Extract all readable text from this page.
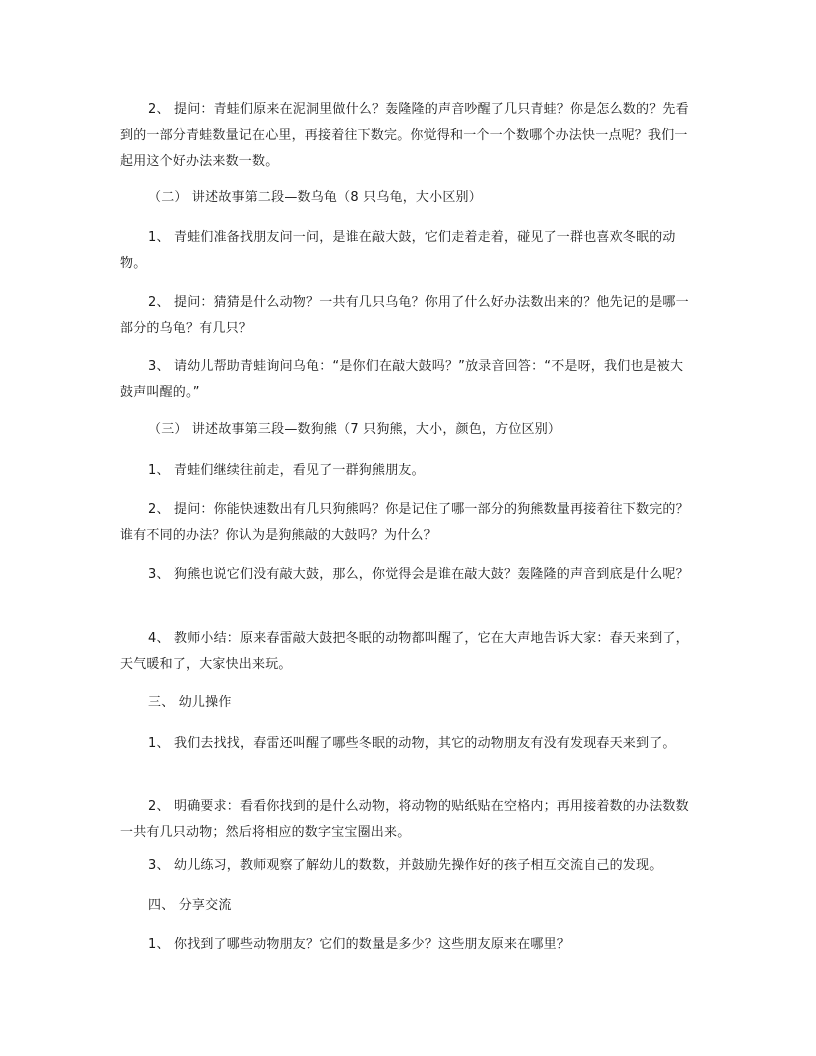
2、 提问：青蛙们原来在泥洞里做什么？轰隆隆的声音吵醒了几只青蛙？你是怎么数的？先看到的一部分青蛙数量记在心里，再接着往下数完。你觉得和一个一个数哪个办法快一点呢？我们一起用这个好办法来数一数。

（二） 讲述故事第二段—数乌龟（8 只乌龟，大小区别）

1、 青蛙们准备找朋友问一问，是谁在敲大鼓，它们走着走着，碰见了一群也喜欢冬眠的动物。

2、 提问：猜猜是什么动物？一共有几只乌龟？你用了什么好办法数出来的？他先记的是哪一部分的乌龟？有几只？

3、 请幼儿帮助青蛙询问乌龟：“是你们在敲大鼓吗？”放录音回答：“不是呀，我们也是被大鼓声叫醒的。”

（三） 讲述故事第三段—数狗熊（7 只狗熊，大小，颜色，方位区别）

1、 青蛙们继续往前走，看见了一群狗熊朋友。

2、 提问：你能快速数出有几只狗熊吗？你是记住了哪一部分的狗熊数量再接着往下数完的？谁有不同的办法？你认为是狗熊敲的大鼓吗？为什么？

3、 狗熊也说它们没有敲大鼓，那么，你觉得会是谁在敲大鼓？轰隆隆的声音到底是什么呢？

4、 教师小结：原来春雷敲大鼓把冬眠的动物都叫醒了，它在大声地告诉大家：春天来到了，天气暖和了，大家快出来玩。

三、 幼儿操作

1、 我们去找找，春雷还叫醒了哪些冬眠的动物，其它的动物朋友有没有发现春天来到了。

2、 明确要求：看看你找到的是什么动物，将动物的贴纸贴在空格内；再用接着数的办法数数一共有几只动物；然后将相应的数字宝宝圈出来。

3、 幼儿练习，教师观察了解幼儿的数数，并鼓励先操作好的孩子相互交流自己的发现。

四、 分享交流

1、 你找到了哪些动物朋友？它们的数量是多少？这些朋友原来在哪里？
